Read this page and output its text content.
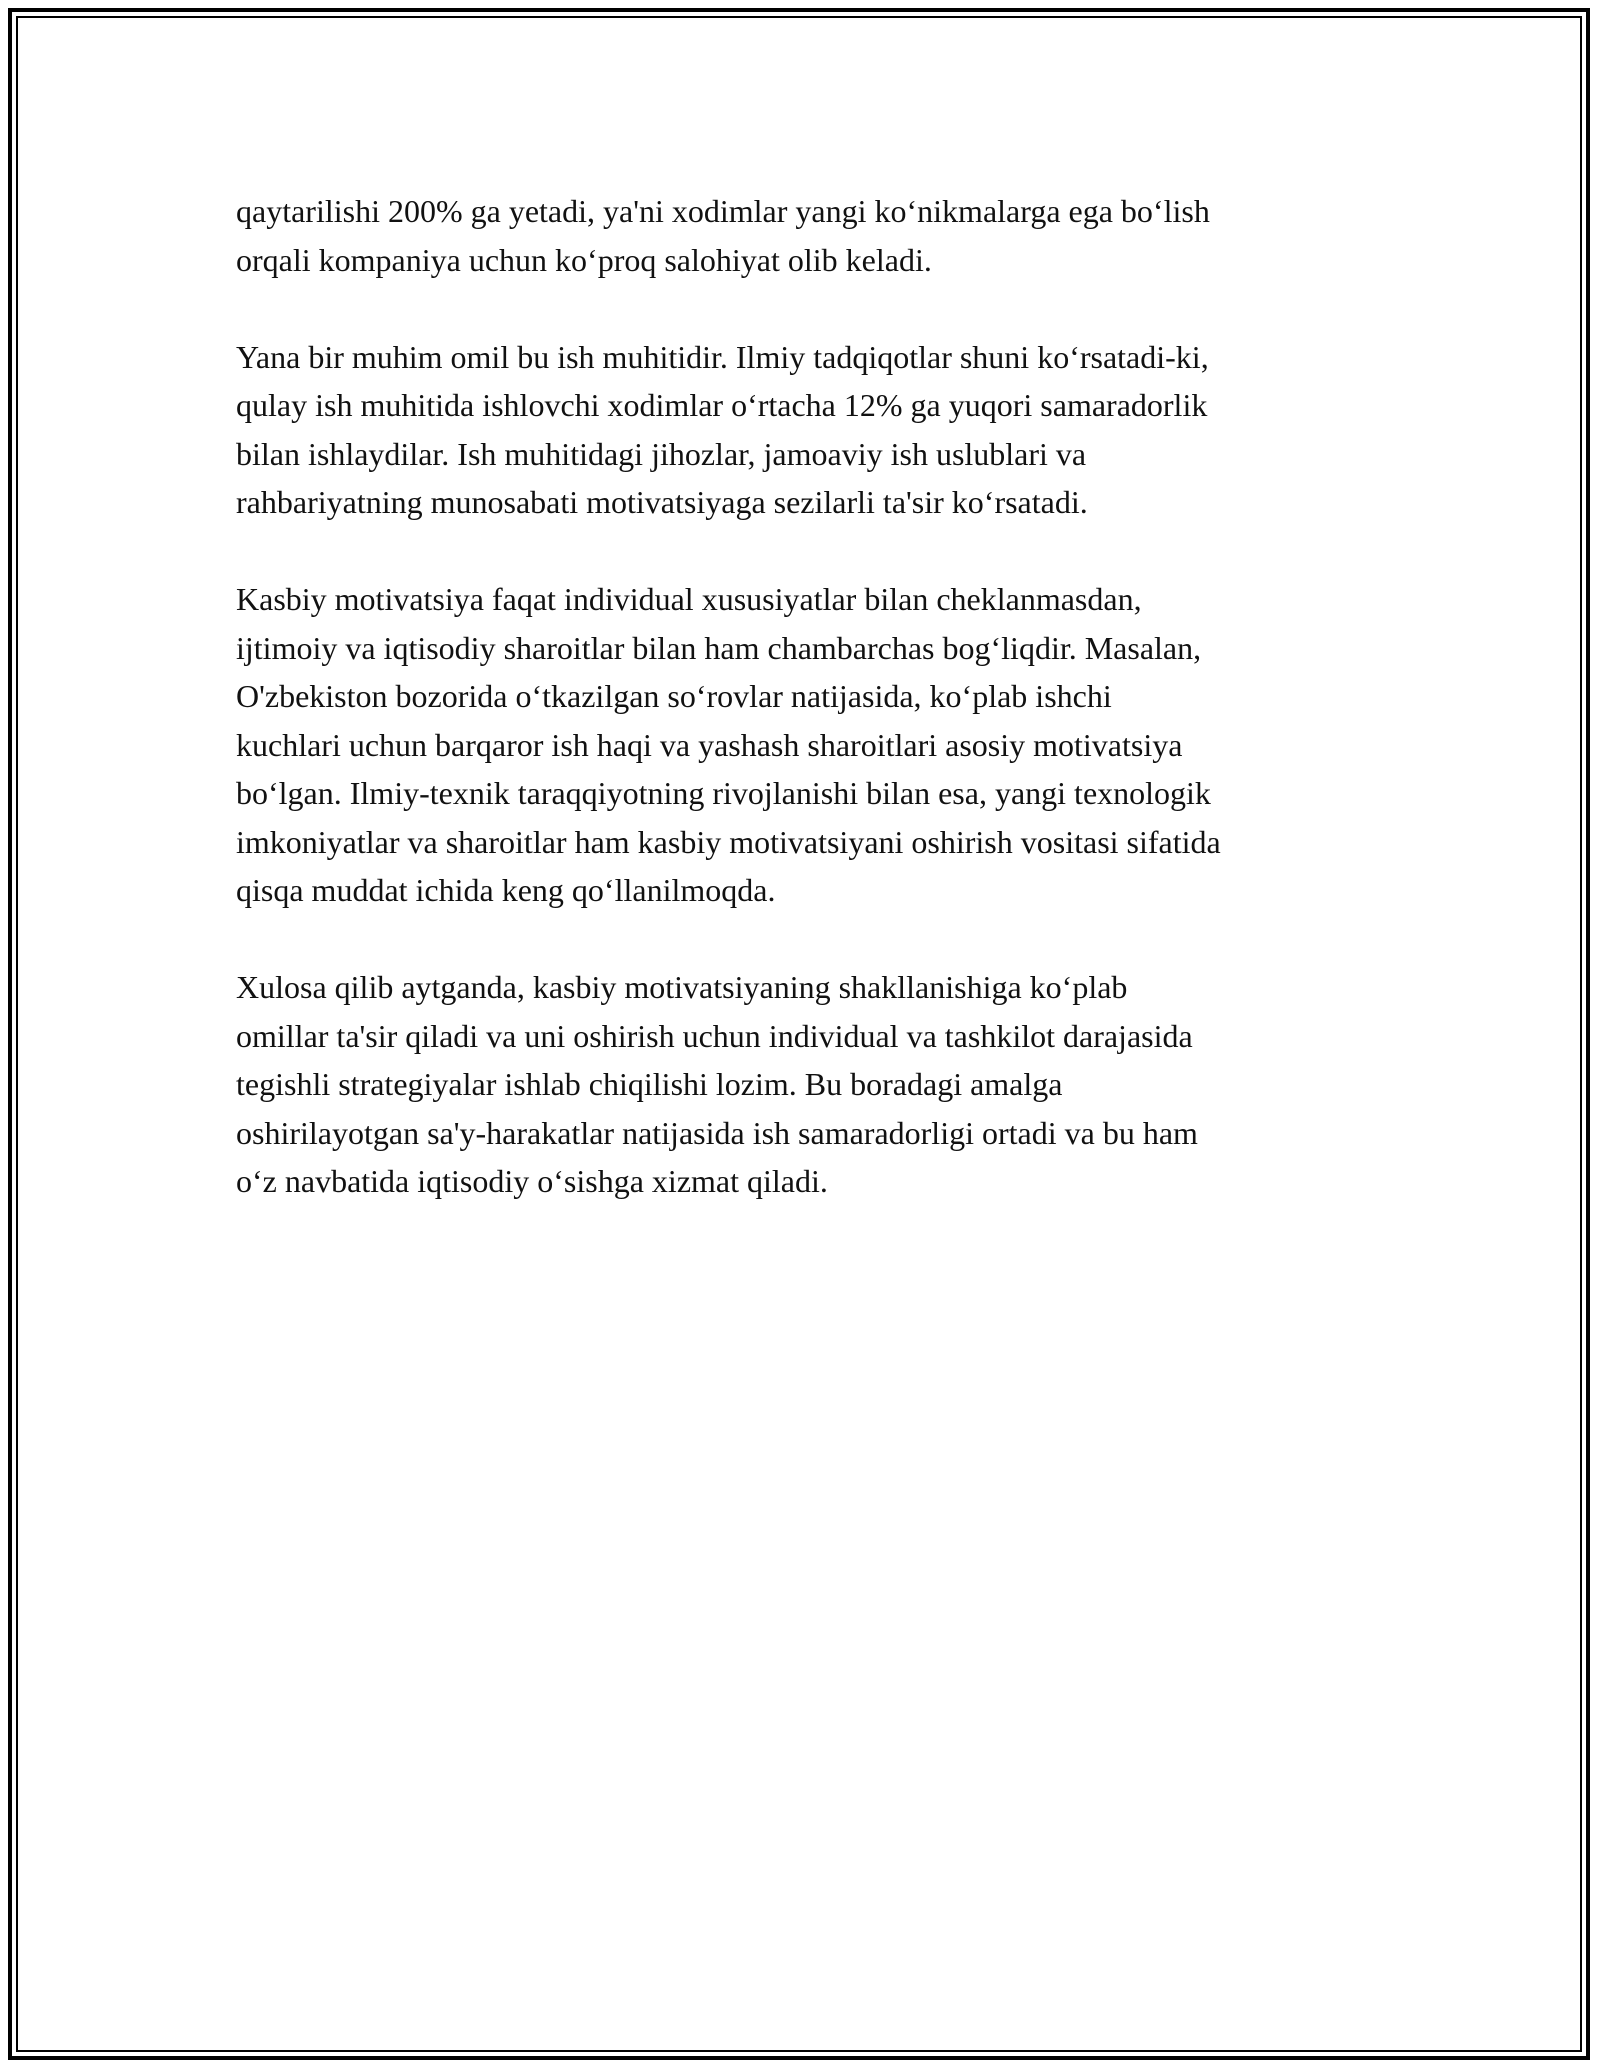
qaytarilishi 200% ga yetadi, ya'ni xodimlar yangi koʻnikmalarga ega boʻlish
orqali kompaniya uchun koʻproq salohiyat olib keladi.

Yana bir muhim omil bu ish muhitidir. Ilmiy tadqiqotlar shuni koʻrsatadi-ki,
qulay ish muhitida ishlovchi xodimlar oʻrtacha 12% ga yuqori samaradorlik
bilan ishlaydilar. Ish muhitidagi jihozlar, jamoaviy ish uslublari va
rahbariyatning munosabati motivatsiyaga sezilarli ta'sir koʻrsatadi.

Kasbiy motivatsiya faqat individual xususiyatlar bilan cheklanmasdan,
ijtimoiy va iqtisodiy sharoitlar bilan ham chambarchas bogʻliqdir. Masalan,
O'zbekiston bozorida oʻtkazilgan soʻrovlar natijasida, koʻplab ishchi
kuchlari uchun barqaror ish haqi va yashash sharoitlari asosiy motivatsiya
boʻlgan. Ilmiy-texnik taraqqiyotning rivojlanishi bilan esa, yangi texnologik
imkoniyatlar va sharoitlar ham kasbiy motivatsiyani oshirish vositasi sifatida
qisqa muddat ichida keng qoʻllanilmoqda.

Xulosa qilib aytganda, kasbiy motivatsiyaning shakllanishiga koʻplab
omillar ta'sir qiladi va uni oshirish uchun individual va tashkilot darajasida
tegishli strategiyalar ishlab chiqilishi lozim. Bu boradagi amalga
oshirilayotgan sa'y-harakatlar natijasida ish samaradorligi ortadi va bu ham
oʻz navbatida iqtisodiy oʻsishga xizmat qiladi.
